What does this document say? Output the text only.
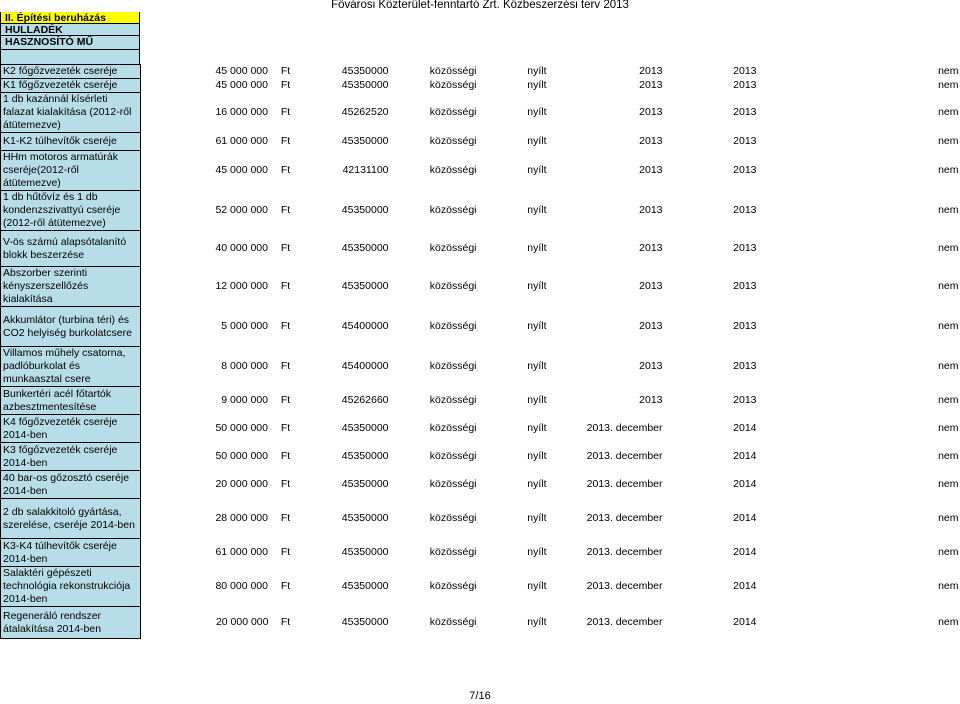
Fővárosi Közterület-fenntartó Zrt. Közbeszerzési terv 2013
II. Építési beruházás
HULLADÉK
HASZNOSÍTÓ MŰ
K2 főgőzvezeték cseréje	45 000 000	Ft	45350000	közösségi	nyílt	2013	2013	nem
K1 főgőzvezeték cseréje	45 000 000	Ft	45350000	közösségi	nyílt	2013	2013	nem
1 db kazánnál kísérleti falazat kialakítása (2012-ről átütemezve)	16 000 000	Ft	45262520	közösségi	nyílt	2013	2013	nem
K1-K2 túlhevítők cseréje	61 000 000	Ft	45350000	közösségi	nyílt	2013	2013	nem
HHm motoros armatúrák cseréje(2012-ről átütemezve)	45 000 000	Ft	42131100	közösségi	nyílt	2013	2013	nem
1 db hűtővíz és 1 db kondenzszivattyú cseréje (2012-ről átütemezve)	52 000 000	Ft	45350000	közösségi	nyílt	2013	2013	nem
V-ös számú alapsótalanító blokk beszerzése	40 000 000	Ft	45350000	közösségi	nyílt	2013	2013	nem
Abszorber szerinti kényszerszellőzés kialakítása	12 000 000	Ft	45350000	közösségi	nyílt	2013	2013	nem
Akkumlátor (turbina téri) és CO2 helyiség burkolatcsere	5 000 000	Ft	45400000	közösségi	nyílt	2013	2013	nem
Villamos műhely csatorna, padlóburkolat és munkaasztal csere	8 000 000	Ft	45400000	közösségi	nyílt	2013	2013	nem
Bunkertéri acél főtartók azbesztmentesítése	9 000 000	Ft	45262660	közösségi	nyílt	2013	2013	nem
K4 főgőzvezeték cseréje 2014-ben	50 000 000	Ft	45350000	közösségi	nyílt	2013. december	2014	nem
K3 főgőzvezeték cseréje 2014-ben	50 000 000	Ft	45350000	közösségi	nyílt	2013. december	2014	nem
40 bar-os gőzosztó cseréje 2014-ben	20 000 000	Ft	45350000	közösségi	nyílt	2013. december	2014	nem
2 db salakkitoló gyártása, szerelése, cseréje 2014-ben	28 000 000	Ft	45350000	közösségi	nyílt	2013. december	2014	nem
K3-K4 túlhevítők cseréje 2014-ben	61 000 000	Ft	45350000	közösségi	nyílt	2013. december	2014	nem
Salaktéri gépészeti technológia rekonstrukciója 2014-ben	80 000 000	Ft	45350000	közösségi	nyílt	2013. december	2014	nem
Regeneráló rendszer átalakítása 2014-ben	20 000 000	Ft	45350000	közösségi	nyílt	2013. december	2014	nem
7/16
